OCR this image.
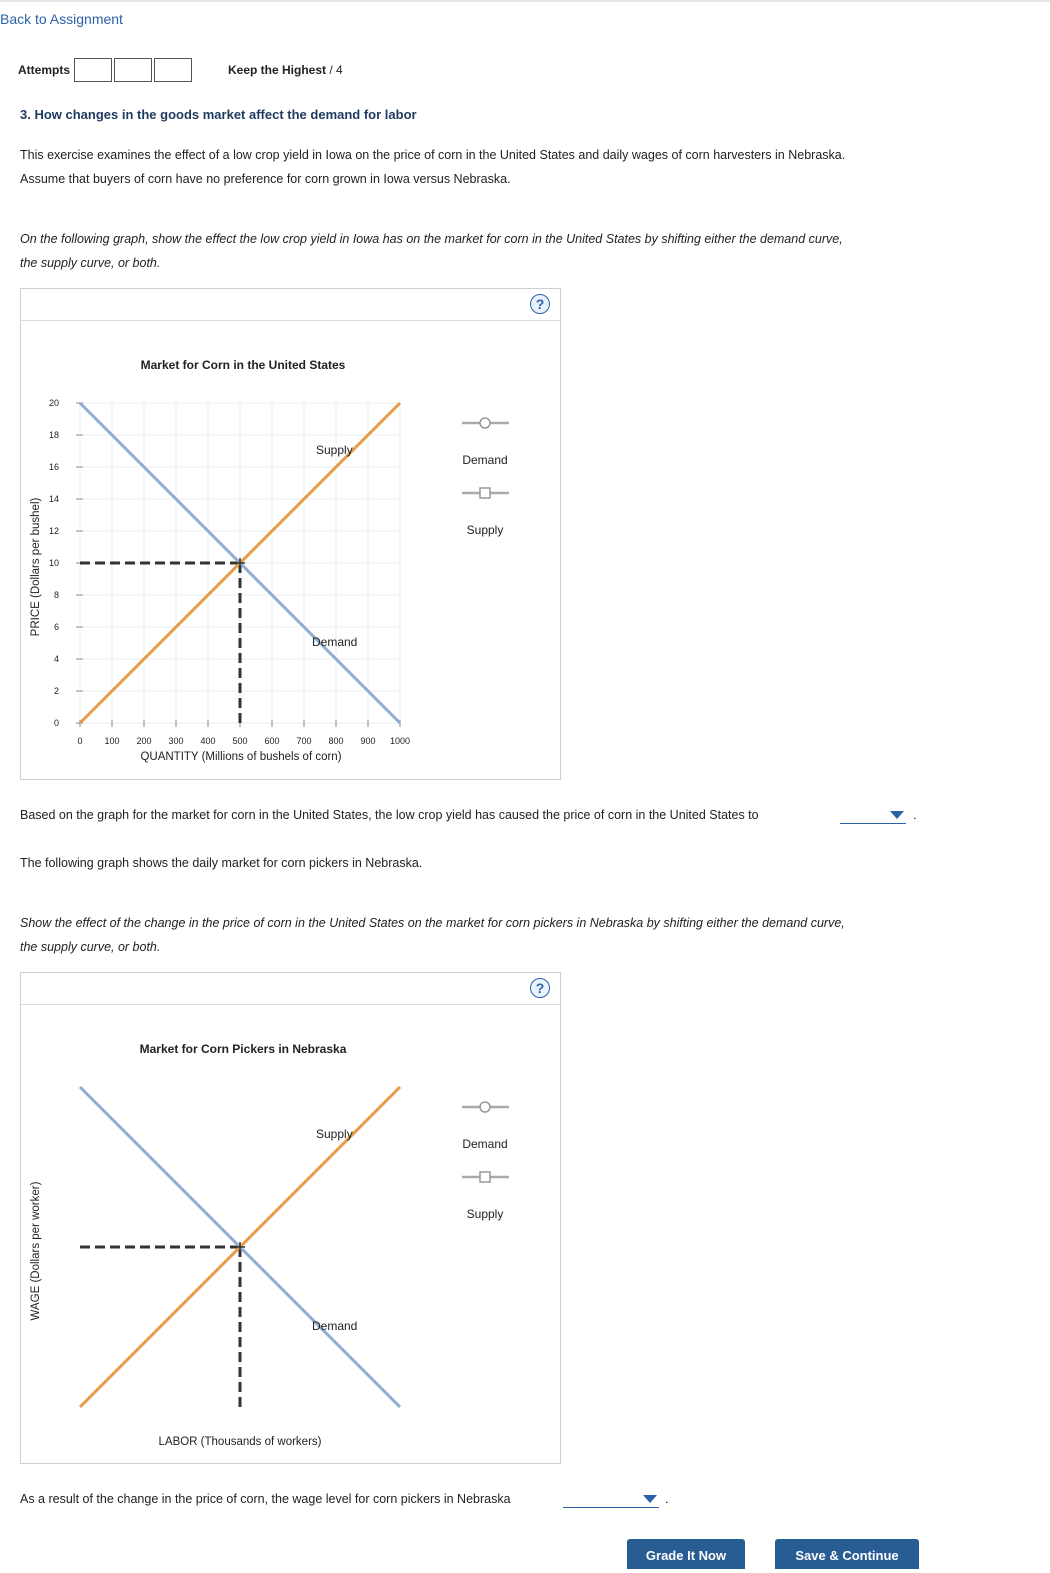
Back to Assignment
Attempts	Keep the Highest / 4
3. How changes in the goods market affect the demand for labor
This exercise examines the effect of a low crop yield in Iowa on the price of corn in the United States and daily wages of corn harvesters in Nebraska.
Assume that buyers of corn have no preference for corn grown in Iowa versus Nebraska.
On the following graph, show the effect the low crop yield in Iowa has on the market for corn in the United States by shifting either the demand curve,
the supply curve, or both.
?
Market for Corn in the United States
0 100 200 300 400 500 600 700 800 900 1000
0
2
4
6
8
10
12
14
16
18
20
Supply
Demand
QUANTITY (Millions of bushels of corn)
PRICE (Dollars per bushel)
Demand
Supply
Based on the graph for the market for corn in the United States, the low crop yield has caused the price of corn in the United States to	.
The following graph shows the daily market for corn pickers in Nebraska.
Show the effect of the change in the price of corn in the United States on the market for corn pickers in Nebraska by shifting either the demand curve,
the supply curve, or both.
?
Market for Corn Pickers in Nebraska
Supply
Demand
LABOR (Thousands of workers)
WAGE (Dollars per worker)
Demand
Supply
As a result of the change in the price of corn, the wage level for corn pickers in Nebraska	.
Grade It Now	Save & Continue
